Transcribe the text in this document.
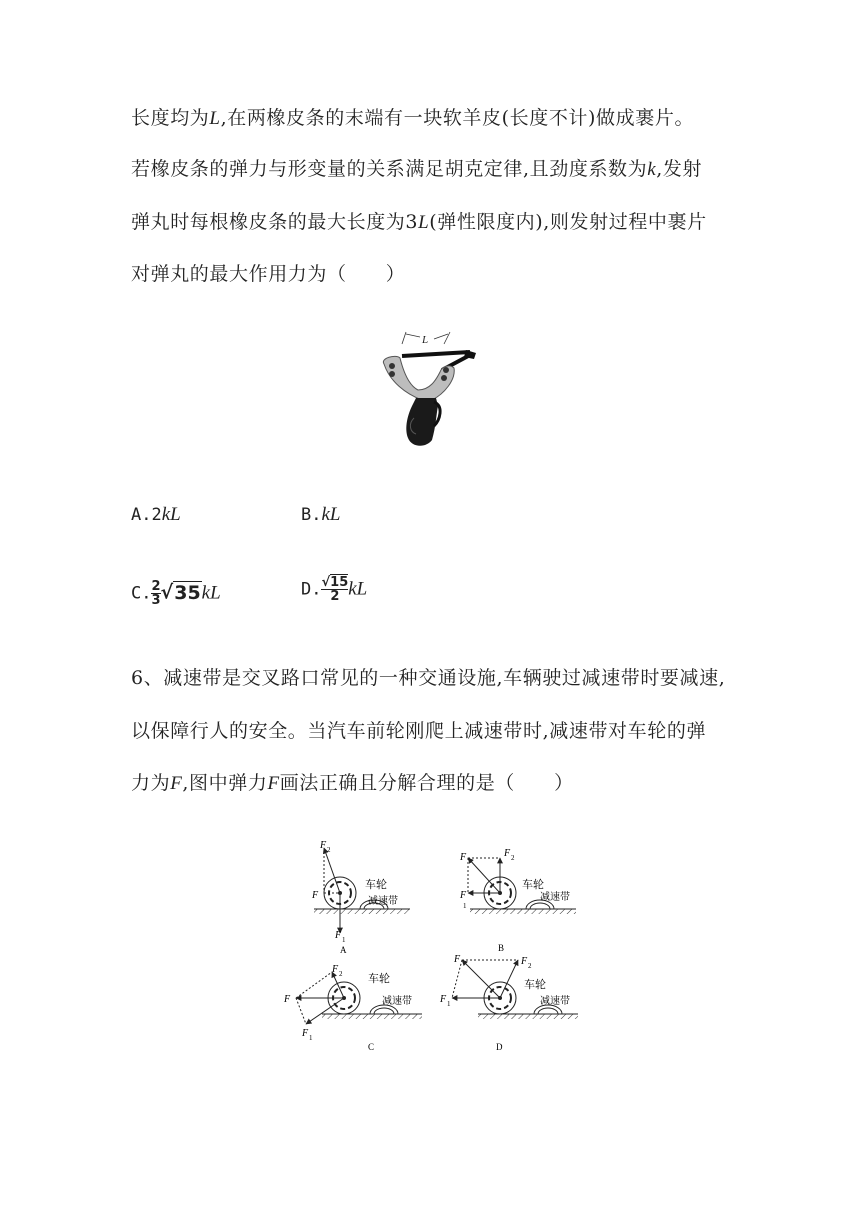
长度均为L,在两橡皮条的末端有一块软羊皮(长度不计)做成裹片。
若橡皮条的弹力与形变量的关系满足胡克定律,且劲度系数为k,发射
弹丸时每根橡皮条的最大长度为3L(弹性限度内),则发射过程中裹片
对弹丸的最大作用力为（　　）
L
A.2kL	B.kL
$C.\frac{2}{3} √35kL$	$D.\frac{√15}{2}$ kL
6、减速带是交叉路口常见的一种交通设施,车辆驶过减速带时要减速,
以保障行人的安全。当汽车前轮刚爬上减速带时,减速带对车轮的弹
力为F,图中弹力F画法正确且分解合理的是（　　）
F 2
F
F 1
车轮
减速带
A
F	F 2
F
1
车轮
减速带
B
F
F 2
F 1
车轮
减速带
C
F	F 2
F 1
车轮
减速带
D
